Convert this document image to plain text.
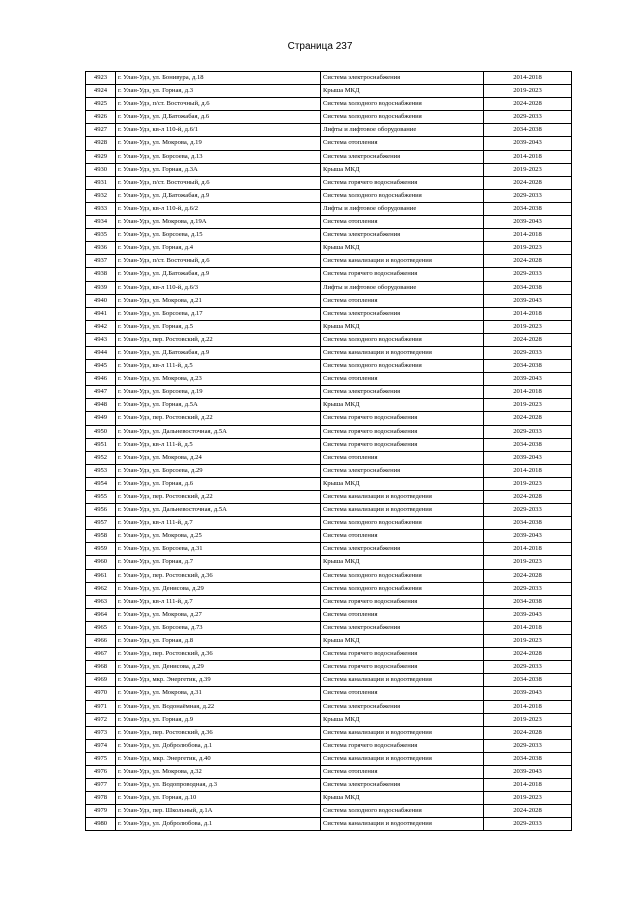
Страница 237
4923	г. Улан-Удэ, ул. Бонивура, д.18	Система электроснабжения	2014-2018
4924	г. Улан-Удэ, ул. Горная, д.3	Крыша МКД	2019-2023
4925	г. Улан-Удэ, п/ст. Восточный, д.6	Система холодного водоснабжения	2024-2028
4926	г. Улан-Удэ, ул. Д.Батожабая, д.6	Система холодного водоснабжения	2029-2033
4927	г. Улан-Удэ, кв-л 110-й, д.6/1	Лифты и лифтовое оборудование	2034-2038
4928	г. Улан-Удэ, ул. Мокрова, д.19	Система отопления	2039-2043
4929	г. Улан-Удэ, ул. Борсоева, д.13	Система электроснабжения	2014-2018
4930	г. Улан-Удэ, ул. Горная, д.3А	Крыша МКД	2019-2023
4931	г. Улан-Удэ, п/ст. Восточный, д.6	Система горячего водоснабжения	2024-2028
4932	г. Улан-Удэ, ул. Д.Батожабая, д.9	Система холодного водоснабжения	2029-2033
4933	г. Улан-Удэ, кв-л 110-й, д.6/2	Лифты и лифтовое оборудование	2034-2038
4934	г. Улан-Удэ, ул. Мокрова, д.19А	Система отопления	2039-2043
4935	г. Улан-Удэ, ул. Борсоева, д.15	Система электроснабжения	2014-2018
4936	г. Улан-Удэ, ул. Горная, д.4	Крыша МКД	2019-2023
4937	г. Улан-Удэ, п/ст. Восточный, д.6	Система канализации и водоотведения	2024-2028
4938	г. Улан-Удэ, ул. Д.Батожабая, д.9	Система горячего водоснабжения	2029-2033
4939	г. Улан-Удэ, кв-л 110-й, д.6/3	Лифты и лифтовое оборудование	2034-2038
4940	г. Улан-Удэ, ул. Мокрова, д.21	Система отопления	2039-2043
4941	г. Улан-Удэ, ул. Борсоева, д.17	Система электроснабжения	2014-2018
4942	г. Улан-Удэ, ул. Горная, д.5	Крыша МКД	2019-2023
4943	г. Улан-Удэ, пер. Ростовский, д.22	Система холодного водоснабжения	2024-2028
4944	г. Улан-Удэ, ул. Д.Батожабая, д.9	Система канализации и водоотведения	2029-2033
4945	г. Улан-Удэ, кв-л 111-й, д.5	Система холодного водоснабжения	2034-2038
4946	г. Улан-Удэ, ул. Мокрова, д.23	Система отопления	2039-2043
4947	г. Улан-Удэ, ул. Борсоева, д.19	Система электроснабжения	2014-2018
4948	г. Улан-Удэ, ул. Горная, д.5А	Крыша МКД	2019-2023
4949	г. Улан-Удэ, пер. Ростовский, д.22	Система горячего водоснабжения	2024-2028
4950	г. Улан-Удэ, ул. Дальневосточная, д.5А	Система горячего водоснабжения	2029-2033
4951	г. Улан-Удэ, кв-л 111-й, д.5	Система горячего водоснабжения	2034-2038
4952	г. Улан-Удэ, ул. Мокрова, д.24	Система отопления	2039-2043
4953	г. Улан-Удэ, ул. Борсоева, д.29	Система электроснабжения	2014-2018
4954	г. Улан-Удэ, ул. Горная, д.6	Крыша МКД	2019-2023
4955	г. Улан-Удэ, пер. Ростовский, д.22	Система канализации и водоотведения	2024-2028
4956	г. Улан-Удэ, ул. Дальневосточная, д.5А	Система канализации и водоотведения	2029-2033
4957	г. Улан-Удэ, кв-л 111-й, д.7	Система холодного водоснабжения	2034-2038
4958	г. Улан-Удэ, ул. Мокрова, д.25	Система отопления	2039-2043
4959	г. Улан-Удэ, ул. Борсоева, д.31	Система электроснабжения	2014-2018
4960	г. Улан-Удэ, ул. Горная, д.7	Крыша МКД	2019-2023
4961	г. Улан-Удэ, пер. Ростовский, д.36	Система холодного водоснабжения	2024-2028
4962	г. Улан-Удэ, ул. Денисова, д.29	Система холодного водоснабжения	2029-2033
4963	г. Улан-Удэ, кв-л 111-й, д.7	Система горячего водоснабжения	2034-2038
4964	г. Улан-Удэ, ул. Мокрова, д.27	Система отопления	2039-2043
4965	г. Улан-Удэ, ул. Борсоева, д.73	Система электроснабжения	2014-2018
4966	г. Улан-Удэ, ул. Горная, д.8	Крыша МКД	2019-2023
4967	г. Улан-Удэ, пер. Ростовский, д.36	Система горячего водоснабжения	2024-2028
4968	г. Улан-Удэ, ул. Денисова, д.29	Система горячего водоснабжения	2029-2033
4969	г. Улан-Удэ, мкр. Энергетик, д.39	Система канализации и водоотведения	2034-2038
4970	г. Улан-Удэ, ул. Мокрова, д.31	Система отопления	2039-2043
4971	г. Улан-Удэ, ул. Водонаёмная, д.22	Система электроснабжения	2014-2018
4972	г. Улан-Удэ, ул. Горная, д.9	Крыша МКД	2019-2023
4973	г. Улан-Удэ, пер. Ростовский, д.36	Система канализации и водоотведения	2024-2028
4974	г. Улан-Удэ, ул. Добролюбова, д.1	Система горячего водоснабжения	2029-2033
4975	г. Улан-Удэ, мкр. Энергетик, д.40	Система канализации и водоотведения	2034-2038
4976	г. Улан-Удэ, ул. Мокрова, д.32	Система отопления	2039-2043
4977	г. Улан-Удэ, ул. Водопроводная, д.3	Система электроснабжения	2014-2018
4978	г. Улан-Удэ, ул. Горная, д.10	Крыша МКД	2019-2023
4979	г. Улан-Удэ, пер. Школьный, д.1А	Система холодного водоснабжения	2024-2028
4980	г. Улан-Удэ, ул. Добролюбова, д.1	Система канализации и водоотведения	2029-2033
